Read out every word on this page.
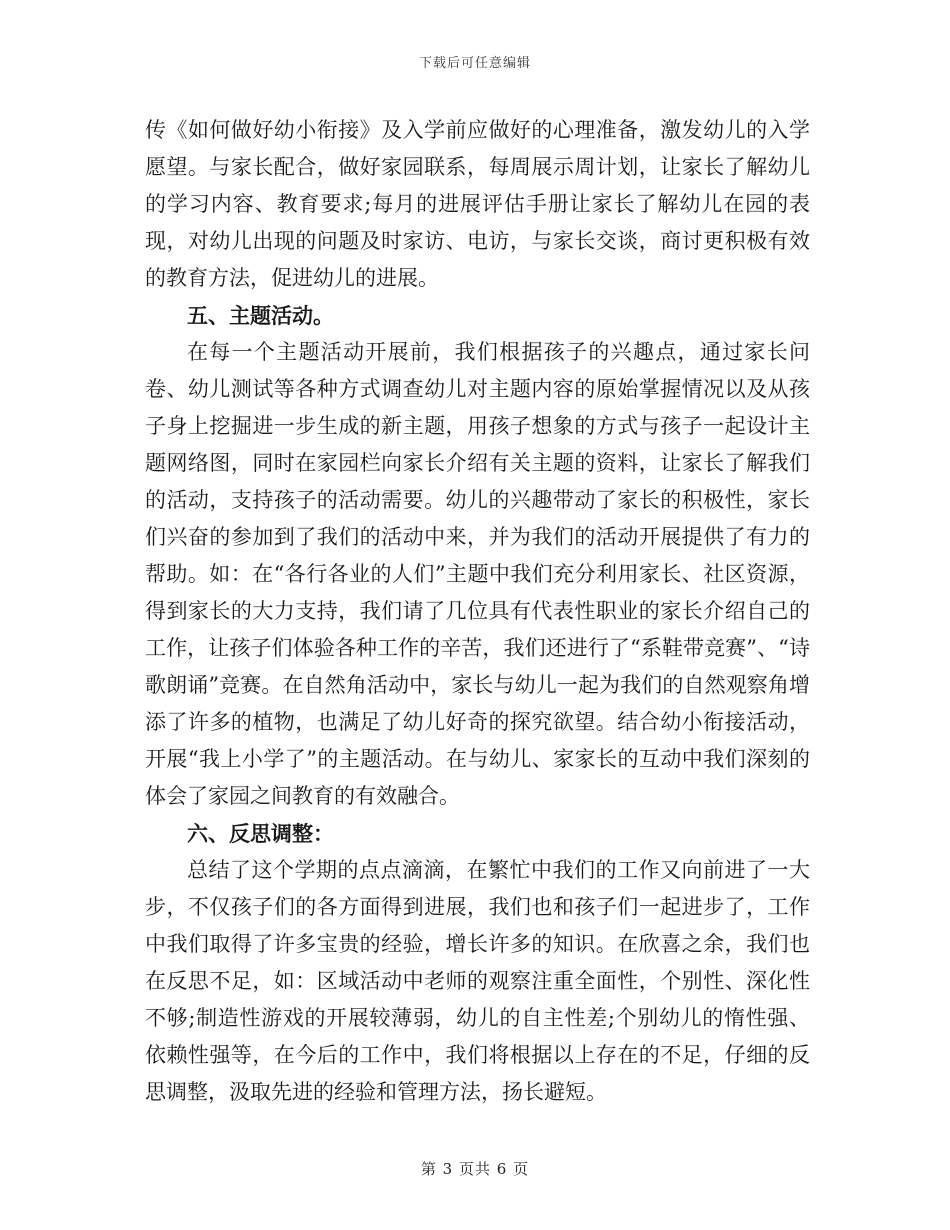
下载后可任意编辑

传《如何做好幼小衔接》及入学前应做好的心理准备，激发幼儿的入学愿望。与家长配合，做好家园联系，每周展示周计划，让家长了解幼儿的学习内容、教育要求;每月的进展评估手册让家长了解幼儿在园的表现，对幼儿出现的问题及时家访、电访，与家长交谈，商讨更积极有效的教育方法，促进幼儿的进展。

五、主题活动。

在每一个主题活动开展前，我们根据孩子的兴趣点，通过家长问卷、幼儿测试等各种方式调查幼儿对主题内容的原始掌握情况以及从孩子身上挖掘进一步生成的新主题，用孩子想象的方式与孩子一起设计主题网络图，同时在家园栏向家长介绍有关主题的资料，让家长了解我们的活动，支持孩子的活动需要。幼儿的兴趣带动了家长的积极性，家长们兴奋的参加到了我们的活动中来，并为我们的活动开展提供了有力的帮助。如：在“各行各业的人们”主题中我们充分利用家长、社区资源，得到家长的大力支持，我们请了几位具有代表性职业的家长介绍自己的工作，让孩子们体验各种工作的辛苦，我们还进行了“系鞋带竞赛”、“诗歌朗诵”竞赛。在自然角活动中，家长与幼儿一起为我们的自然观察角增添了许多的植物，也满足了幼儿好奇的探究欲望。结合幼小衔接活动，开展“我上小学了”的主题活动。在与幼儿、家家长的互动中我们深刻的体会了家园之间教育的有效融合。

六、反思调整：

总结了这个学期的点点滴滴，在繁忙中我们的工作又向前进了一大步，不仅孩子们的各方面得到进展，我们也和孩子们一起进步了，工作中我们取得了许多宝贵的经验，增长许多的知识。在欣喜之余，我们也在反思不足，如：区域活动中老师的观察注重全面性，个别性、深化性不够;制造性游戏的开展较薄弱，幼儿的自主性差;个别幼儿的惰性强、依赖性强等，在今后的工作中，我们将根据以上存在的不足，仔细的反思调整，汲取先进的经验和管理方法，扬长避短。

第 3 页共 6 页
